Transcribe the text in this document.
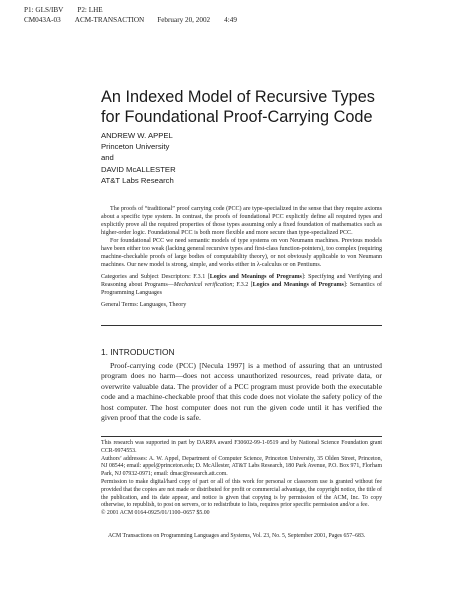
P1: GLS/IBV P2: LHE
CM043A-03 ACM-TRANSACTION February 20, 2002 4:49
An Indexed Model of Recursive Types
for Foundational Proof-Carrying Code
ANDREW W. APPEL
Princeton University
and
DAVID McALLESTER
AT&T Labs Research

The proofs of “traditional” proof carrying code (PCC) are type-specialized in the sense that they require axioms about a specific type system. In contrast, the proofs of foundational PCC explicitly define all required types and explicitly prove all the required properties of those types assuming only a fixed foundation of mathematics such as higher-order logic. Foundational PCC is both more flexible and more secure than type-specialized PCC.

For foundational PCC we need semantic models of type systems on von Neumann machines. Previous models have been either too weak (lacking general recursive types and first-class function-pointers), too complex (requiring machine-checkable proofs of large bodies of computability theory), or not obviously applicable to von Neumann machines. Our new model is strong, simple, and works either in λ-calculus or on Pentiums.

Categories and Subject Descriptors: F.3.1 [Logics and Meanings of Programs]: Specifying and Verifying and Reasoning about Programs—Mechanical verification; F.3.2 [Logics and Meanings of Programs]: Semantics of Programming Languages

General Terms: Languages, Theory

1. INTRODUCTION

Proof-carrying code (PCC) [Necula 1997] is a method of assuring that an untrusted program does no harm—does not access unauthorized resources, read private data, or overwrite valuable data. The provider of a PCC program must provide both the executable code and a machine-checkable proof that this code does not violate the safety policy of the host computer. The host computer does not run the given code until it has verified the given proof that the code is safe.

This research was supported in part by DARPA award F30602-99-1-0519 and by National Science Foundation grant CCR-9974553.

Authors’ addresses: A. W. Appel, Department of Computer Science, Princeton University, 35 Olden Street, Princeton, NJ 08544; email: appel@princeton.edu; D. McAllester, AT&T Labs Research, 180 Park Avenue, P.O. Box 971, Florham Park, NJ 07932-0971; email: dmac@research.att.com.

Permission to make digital/hard copy of part or all of this work for personal or classroom use is granted without fee provided that the copies are not made or distributed for profit or commercial advantage, the copyright notice, the title of the publication, and its date appear, and notice is given that copying is by permission of the ACM, Inc. To copy otherwise, to republish, to post on servers, or to redistribute to lists, requires prior specific permission and/or a fee.

© 2001 ACM 0164-0925/01/1100–0657 $5.00

ACM Transactions on Programming Languages and Systems, Vol. 23, No. 5, September 2001, Pages 657–683.
